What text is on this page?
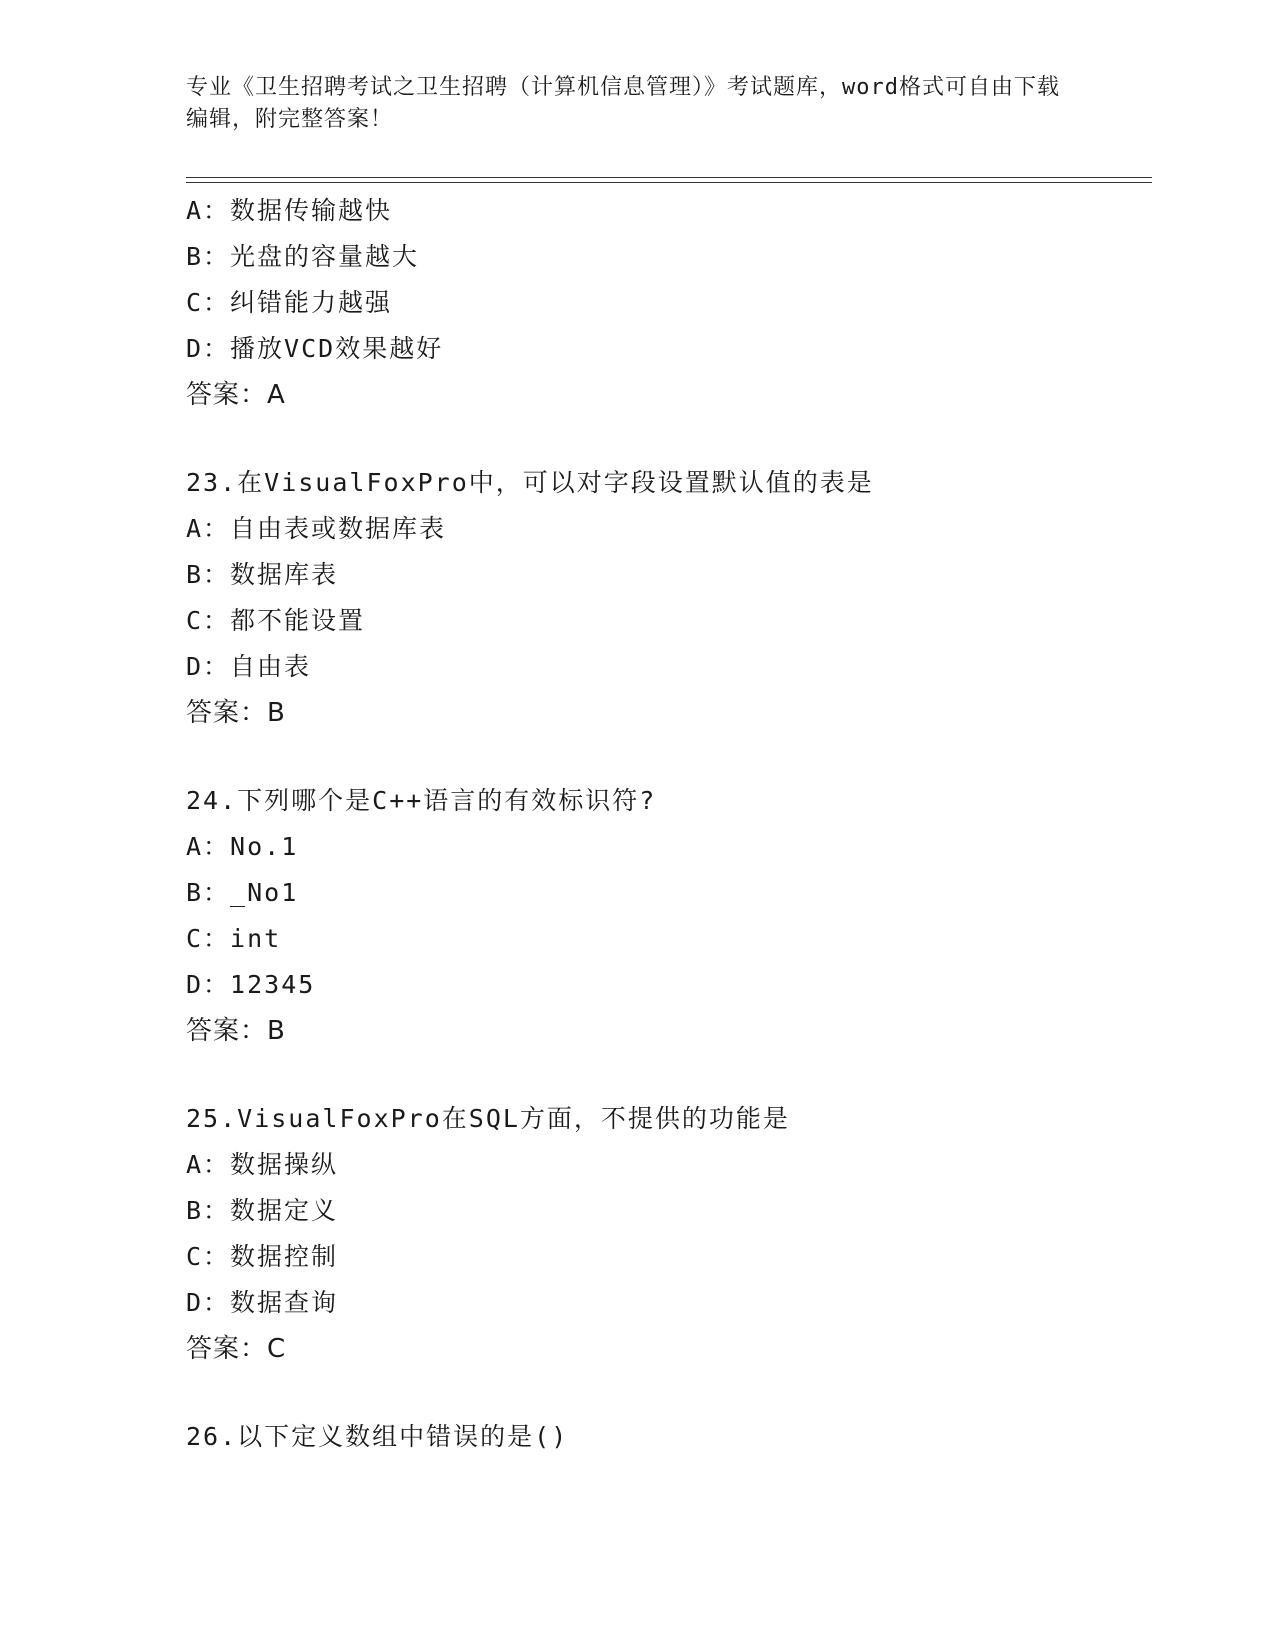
专业《卫生招聘考试之卫生招聘（计算机信息管理）》考试题库，word格式可自由下载编辑，附完整答案！
A：数据传输越快
B：光盘的容量越大
C：纠错能力越强
D：播放VCD效果越好
答案：A
23.在VisualFoxPro中，可以对字段设置默认值的表是
A：自由表或数据库表
B：数据库表
C：都不能设置
D：自由表
答案：B
24.下列哪个是C++语言的有效标识符?
A：No.1
B：_No1
C：int
D：12345
答案：B
25.VisualFoxPro在SQL方面，不提供的功能是
A：数据操纵
B：数据定义
C：数据控制
D：数据查询
答案：C
26.以下定义数组中错误的是()
